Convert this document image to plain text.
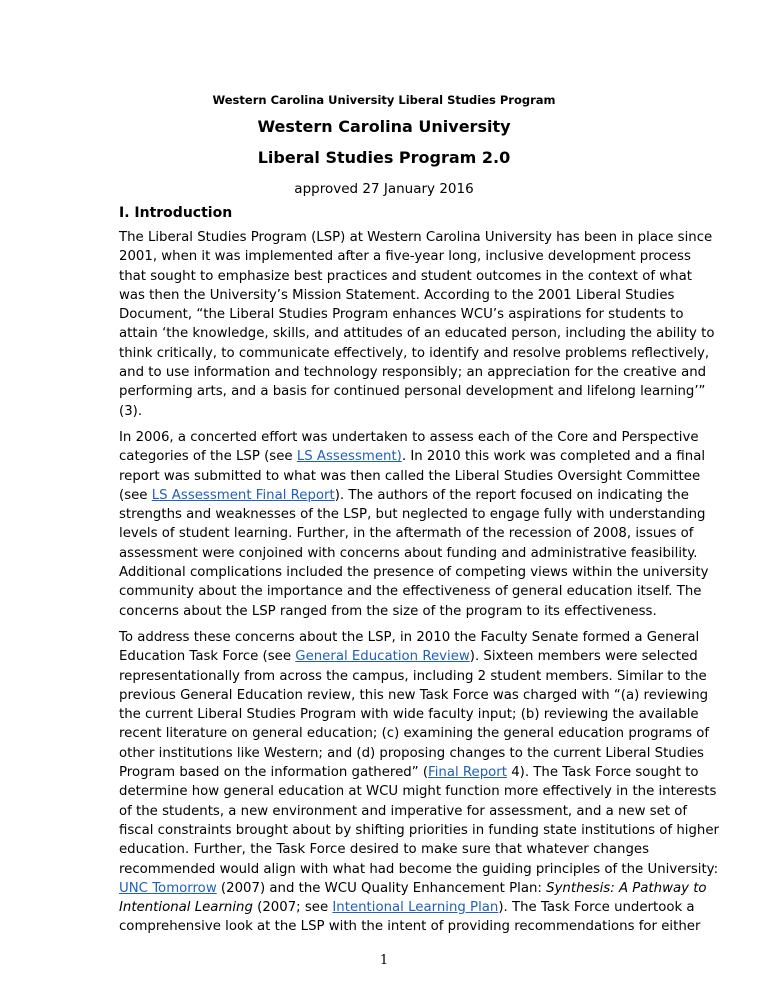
Western Carolina University Liberal Studies Program
Western Carolina University
Liberal Studies Program 2.0
approved 27 January 2016
I. Introduction

The Liberal Studies Program (LSP) at Western Carolina University has been in place since
2001, when it was implemented after a five-year long, inclusive development process
that sought to emphasize best practices and student outcomes in the context of what
was then the University’s Mission Statement. According to the 2001 Liberal Studies
Document, “the Liberal Studies Program enhances WCU’s aspirations for students to
attain ‘the knowledge, skills, and attitudes of an educated person, including the ability to
think critically, to communicate effectively, to identify and resolve problems reflectively,
and to use information and technology responsibly; an appreciation for the creative and
performing arts, and a basis for continued personal development and lifelong learning’”
(3).

In 2006, a concerted effort was undertaken to assess each of the Core and Perspective
categories of the LSP (see LS Assessment). In 2010 this work was completed and a final
report was submitted to what was then called the Liberal Studies Oversight Committee
(see LS Assessment Final Report). The authors of the report focused on indicating the
strengths and weaknesses of the LSP, but neglected to engage fully with understanding
levels of student learning. Further, in the aftermath of the recession of 2008, issues of
assessment were conjoined with concerns about funding and administrative feasibility.
Additional complications included the presence of competing views within the university
community about the importance and the effectiveness of general education itself. The
concerns about the LSP ranged from the size of the program to its effectiveness.

To address these concerns about the LSP, in 2010 the Faculty Senate formed a General
Education Task Force (see General Education Review). Sixteen members were selected
representationally from across the campus, including 2 student members. Similar to the
previous General Education review, this new Task Force was charged with “(a) reviewing
the current Liberal Studies Program with wide faculty input; (b) reviewing the available
recent literature on general education; (c) examining the general education programs of
other institutions like Western; and (d) proposing changes to the current Liberal Studies
Program based on the information gathered” (Final Report 4). The Task Force sought to
determine how general education at WCU might function more effectively in the interests
of the students, a new environment and imperative for assessment, and a new set of
fiscal constraints brought about by shifting priorities in funding state institutions of higher
education. Further, the Task Force desired to make sure that whatever changes
recommended would align with what had become the guiding principles of the University:
UNC Tomorrow (2007) and the WCU Quality Enhancement Plan: Synthesis: A Pathway to
Intentional Learning (2007; see Intentional Learning Plan). The Task Force undertook a
comprehensive look at the LSP with the intent of providing recommendations for either

1
